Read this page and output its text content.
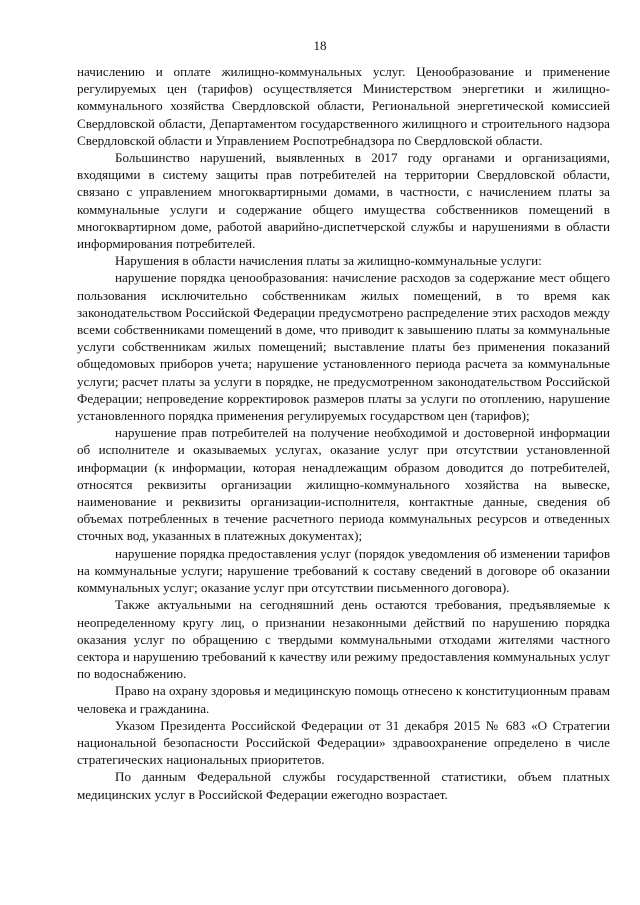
18

начислению и оплате жилищно-коммунальных услуг. Ценообразование и применение регулируемых цен (тарифов) осуществляется Министерством энергетики и жилищно-коммунального хозяйства Свердловской области, Региональной энергетической комиссией Свердловской области, Департаментом государственного жилищного и строительного надзора Свердловской области и Управлением Роспотребнадзора по Свердловской области.

Большинство нарушений, выявленных в 2017 году органами и организациями, входящими в систему защиты прав потребителей на территории Свердловской области, связано с управлением многоквартирными домами, в частности, с начислением платы за коммунальные услуги и содержание общего имущества собственников помещений в многоквартирном доме, работой аварийно-диспетчерской службы и нарушениями в области информирования потребителей.

Нарушения в области начисления платы за жилищно-коммунальные услуги:

нарушение порядка ценообразования: начисление расходов за содержание мест общего пользования исключительно собственникам жилых помещений, в то время как законодательством Российской Федерации предусмотрено распределение этих расходов между всеми собственниками помещений в доме, что приводит к завышению платы за коммунальные услуги собственникам жилых помещений; выставление платы без применения показаний общедомовых приборов учета; нарушение установленного периода расчета за коммунальные услуги; расчет платы за услуги в порядке, не предусмотренном законодательством Российской Федерации; непроведение корректировок размеров платы за услуги по отоплению, нарушение установленного порядка применения регулируемых государством цен (тарифов);

нарушение прав потребителей на получение необходимой и достоверной информации об исполнителе и оказываемых услугах, оказание услуг при отсутствии установленной информации (к информации, которая ненадлежащим образом доводится до потребителей, относятся реквизиты организации жилищно-коммунального хозяйства на вывеске, наименование и реквизиты организации-исполнителя, контактные данные, сведения об объемах потребленных в течение расчетного периода коммунальных ресурсов и отведенных сточных вод, указанных в платежных документах);

нарушение порядка предоставления услуг (порядок уведомления об изменении тарифов на коммунальные услуги; нарушение требований к составу сведений в договоре об оказании коммунальных услуг; оказание услуг при отсутствии письменного договора).

Также актуальными на сегодняшний день остаются требования, предъявляемые к неопределенному кругу лиц, о признании незаконными действий по нарушению порядка оказания услуг по обращению с твердыми коммунальными отходами жителями частного сектора и нарушению требований к качеству или режиму предоставления коммунальных услуг по водоснабжению.

Право на охрану здоровья и медицинскую помощь отнесено к конституционным правам человека и гражданина.

Указом Президента Российской Федерации от 31 декабря 2015 № 683 «О Стратегии национальной безопасности Российской Федерации» здравоохранение определено в числе стратегических национальных приоритетов.

По данным Федеральной службы государственной статистики, объем платных медицинских услуг в Российской Федерации ежегодно возрастает.
